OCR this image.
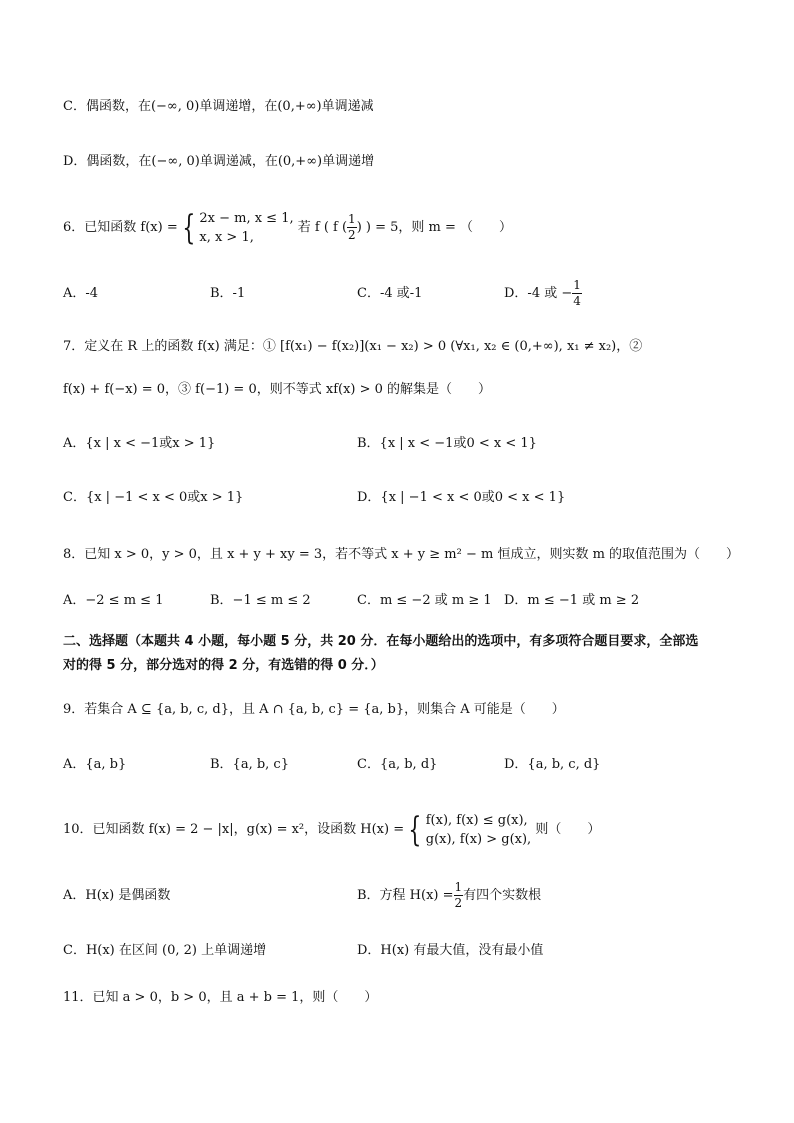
C．偶函数，在(−∞, 0)单调递增，在(0,+∞)单调递减
D．偶函数，在(−∞, 0)单调递减，在(0,+∞)单调递增
6．已知函数 f(x) = { 2x − m, x ≤ 1,
x, x > 1,
若 f ( f ( $\frac{1}{2}$ ) ) = 5，则 m = （　　）
A．-4	B．-1	C．-4 或-1	D．-4 或 − $\frac{1}{4}$
7．定义在 R 上的函数 f(x) 满足：① [f(x₁) − f(x₂)](x₁ − x₂) > 0 (∀x₁, x₂ ∈ (0,+∞), x₁ ≠ x₂)，②
f(x) + f(−x) = 0，③ f(−1) = 0，则不等式 xf(x) > 0 的解集是（　　）
A．{x | x < −1或x > 1}	B．{x | x < −1或0 < x < 1}
C．{x | −1 < x < 0或x > 1}	D．{x | −1 < x < 0或0 < x < 1}
8．已知 x > 0，y > 0，且 x + y + xy = 3，若不等式 x + y ≥ m² − m 恒成立，则实数 m 的取值范围为（　　）
A．−2 ≤ m ≤ 1	B．−1 ≤ m ≤ 2	C．m ≤ −2 或 m ≥ 1 D．m ≤ −1 或 m ≥ 2
二、选择题（本题共 4 小题，每小题 5 分，共 20 分．在每小题给出的选项中，有多项符合题目要求，全部选
对的得 5 分，部分选对的得 2 分，有选错的得 0 分．）
9．若集合 A ⊆ {a, b, c, d}，且 A ∩ {a, b, c} = {a, b}，则集合 A 可能是（　　）
A．{a, b}	B．{a, b, c}	C．{a, b, d}	D．{a, b, c, d}
10．已知函数 f(x) = 2 − |x|，g(x) = x²，设函数 H(x) = { f(x), f(x) ≤ g(x),
g(x), f(x) > g(x),
则（　　）
A．H(x) 是偶函数	B．方程 $H(x) = \frac{1}{2}$ 有四个实数根
C．H(x) 在区间 (0, 2) 上单调递增	D．H(x) 有最大值，没有最小值
11．已知 a > 0，b > 0，且 a + b = 1，则（　　）
